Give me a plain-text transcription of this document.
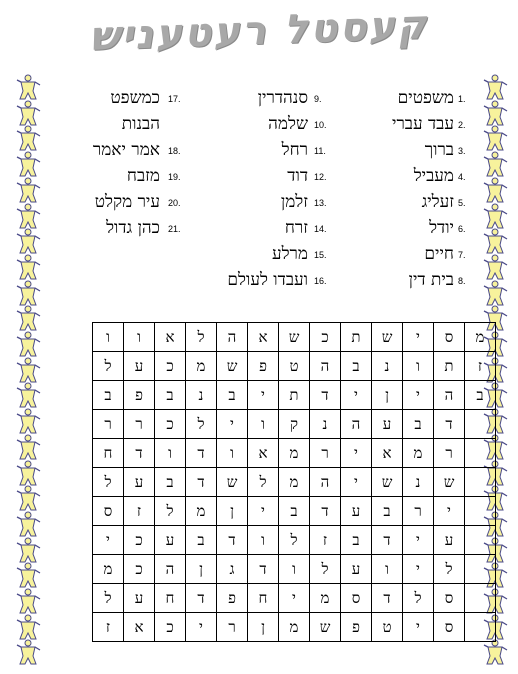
קעסטל רעטעניש
1.
משפטים
2.
עבד עברי
3.
ברוך
4.
מעביל
5.
זעליג
6.
יודל
7.
חיים
8.
בית דין
9.
סנהדרין
10.
שלמה
11.
רחל
12.
דוד
13.
זלמן
14.
זרח
15.
מרלע
16.
ועבדו לעולם
17.
כמשפט
הבנות
18.
אמר יאמר
19.
מזבח
20.
עיר מקלט
21.
כהן גדול
ו	ו	א	ל	ה	א	ש	כ	ת	ש	י	ס	מ
ל	ע	כ	מ	ש	פ	ט	ה	ב	נ	ו	ת	ז
ב	פ	ב	נ	ב	י	ת	ד	י	ן	י	ה	ב
ר	ר	כ	ל	י	ו	ק	נ	ה	ע	ב	ד	
ח	ד	ו	ד	ו	א	מ	ר	י	א	מ	ר	
ל	ע	ב	ד	ש	ל	מ	ה	י	ש	נ	ש	
ס	ז	ל	מ	ן	י	ב	ד	ע	ב	ר	י	
י	כ	ע	ב	ד	ו	ל	ז	ב	ד	י	ע	
מ	כ	ה	ן	ג	ד	ו	ל	ע	ו	י	ל	
ל	ע	ח	ד	פ	ח	י	מ	ס	ד	ל	ס	
ז	א	כ	י	ר	ן	מ	ש	פ	ט	י	ס	
